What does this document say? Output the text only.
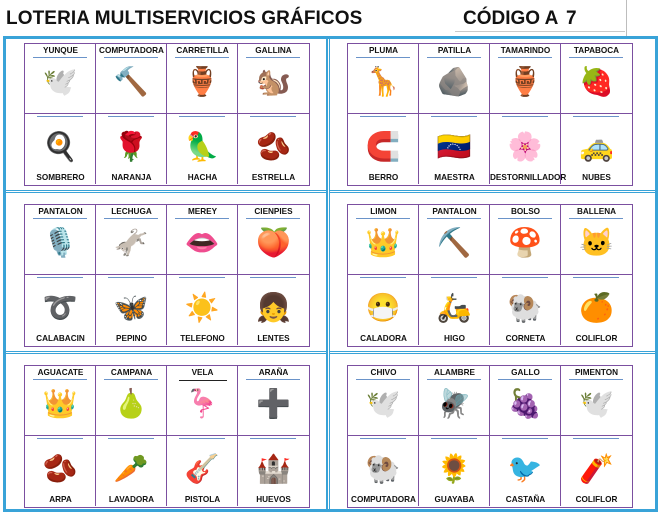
LOTERIA MULTISERVICIOS GRÁFICOS	CÓDIGO A 7
YUNQUE
🕊️
COMPUTADORA
🔨
CARRETILLA
🏺
GALLINA
🐿️
SOMBRERO
🍳
NARANJA
🌹
HACHA
🦜
ESTRELLA
🫘
PLUMA
🦒
PATILLA
🪨
TAMARINDO
🏺
TAPABOCA
🍓
BERRO
🧲
MAESTRA
🇻🇪
DESTORNILLADOR
🌸
NUBES
🚕
PANTALON
🎙️
LECHUGA
🫏
MEREY
👄
CIENPIES
🍑
CALABACIN
➰
PEPINO
🦋
TELEFONO
☀️
LENTES
👧
LIMON
👑
PANTALON
⛏️
BOLSO
🍄
BALLENA
🐱
CALADORA
😷
HIGO
🛵
CORNETA
🐏
COLIFLOR
🍊
AGUACATE
👑
CAMPANA
🍐
VELA
🦩
ARAÑA
➕
ARPA
🫘
LAVADORA
🥕
PISTOLA
🎸
HUEVOS
🏰
CHIVO
🕊️
ALAMBRE
🪰
GALLO
🍇
PIMENTON
🕊️
COMPUTADORA
🐏
GUAYABA
🌻
CASTAÑA
🐦
COLIFLOR
🧨
